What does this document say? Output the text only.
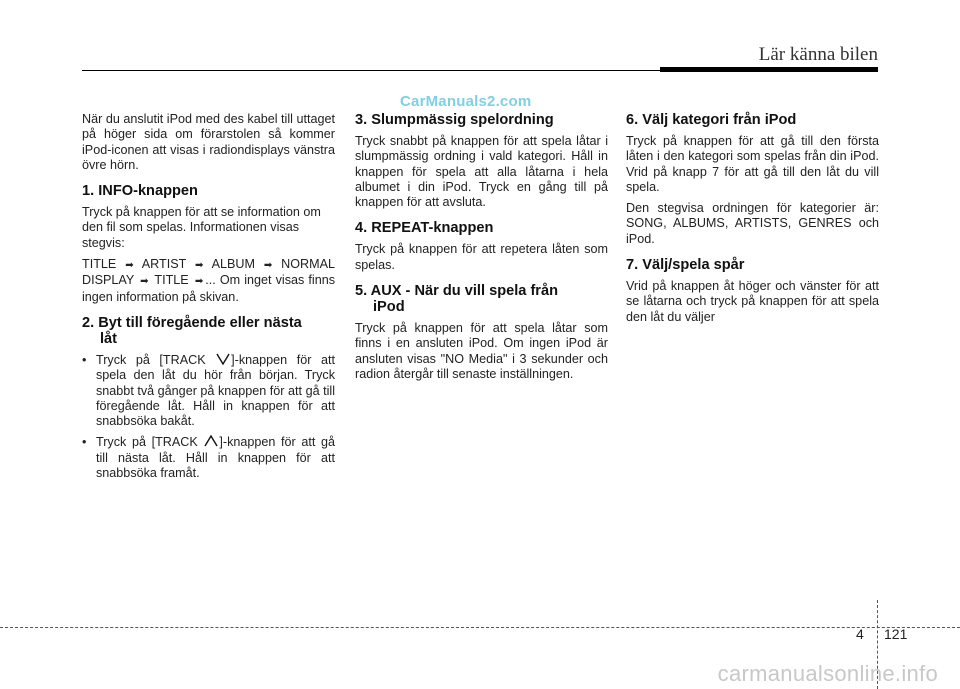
Lär känna bilen
CarManuals2.com

När du anslutit iPod med des kabel till uttaget på höger sida om förarstolen så kommer iPod-iconen att visas i radiondisplays vänstra övre hörn.

1. INFO-knappen

Tryck på knappen för att se information om den fil som spelas. Informationen visas stegvis:

TITLE ➡ ARTIST ➡ ALBUM ➡ NORMAL DISPLAY ➡ TITLE ➡ ... Om inget visas finns ingen information på skivan.

2. Byt till föregående eller nästa
låt
• Tryck på [TRACK ]-knappen för att spela den låt du hör från början. Tryck snabbt två gånger på knappen för att gå till föregående låt. Håll in knappen för att snabbsöka bakåt.
• Tryck på [TRACK ]-knappen för att gå till nästa låt. Håll in knappen för att snabbsöka framåt.
3. Slumpmässig spelordning

Tryck snabbt på knappen för att spela låtar i slumpmässig ordning i vald kategori. Håll in knappen för spela att alla låtarna i hela albumet i din iPod. Tryck en gång till på knappen för att avsluta.

4. REPEAT-knappen

Tryck på knappen för att repetera låten som spelas.

5. AUX - När du vill spela från
iPod

Tryck på knappen för att spela låtar som finns i en ansluten iPod. Om ingen iPod är ansluten visas "NO Media" i 3 sekunder och radion återgår till senaste inställningen.

6. Välj kategori från iPod

Tryck på knappen för att gå till den första låten i den kategori som spelas från din iPod. Vrid på knapp 7 för att gå till den låt du vill spela.

Den stegvisa ordningen för kategorier är: SONG, ALBUMS, ARTISTS, GENRES och iPod.

7. Välj/spela spår

Vrid på knappen åt höger och vänster för att se låtarna och tryck på knappen för att spela den låt du väljer

4 121
carmanualsonline.info
